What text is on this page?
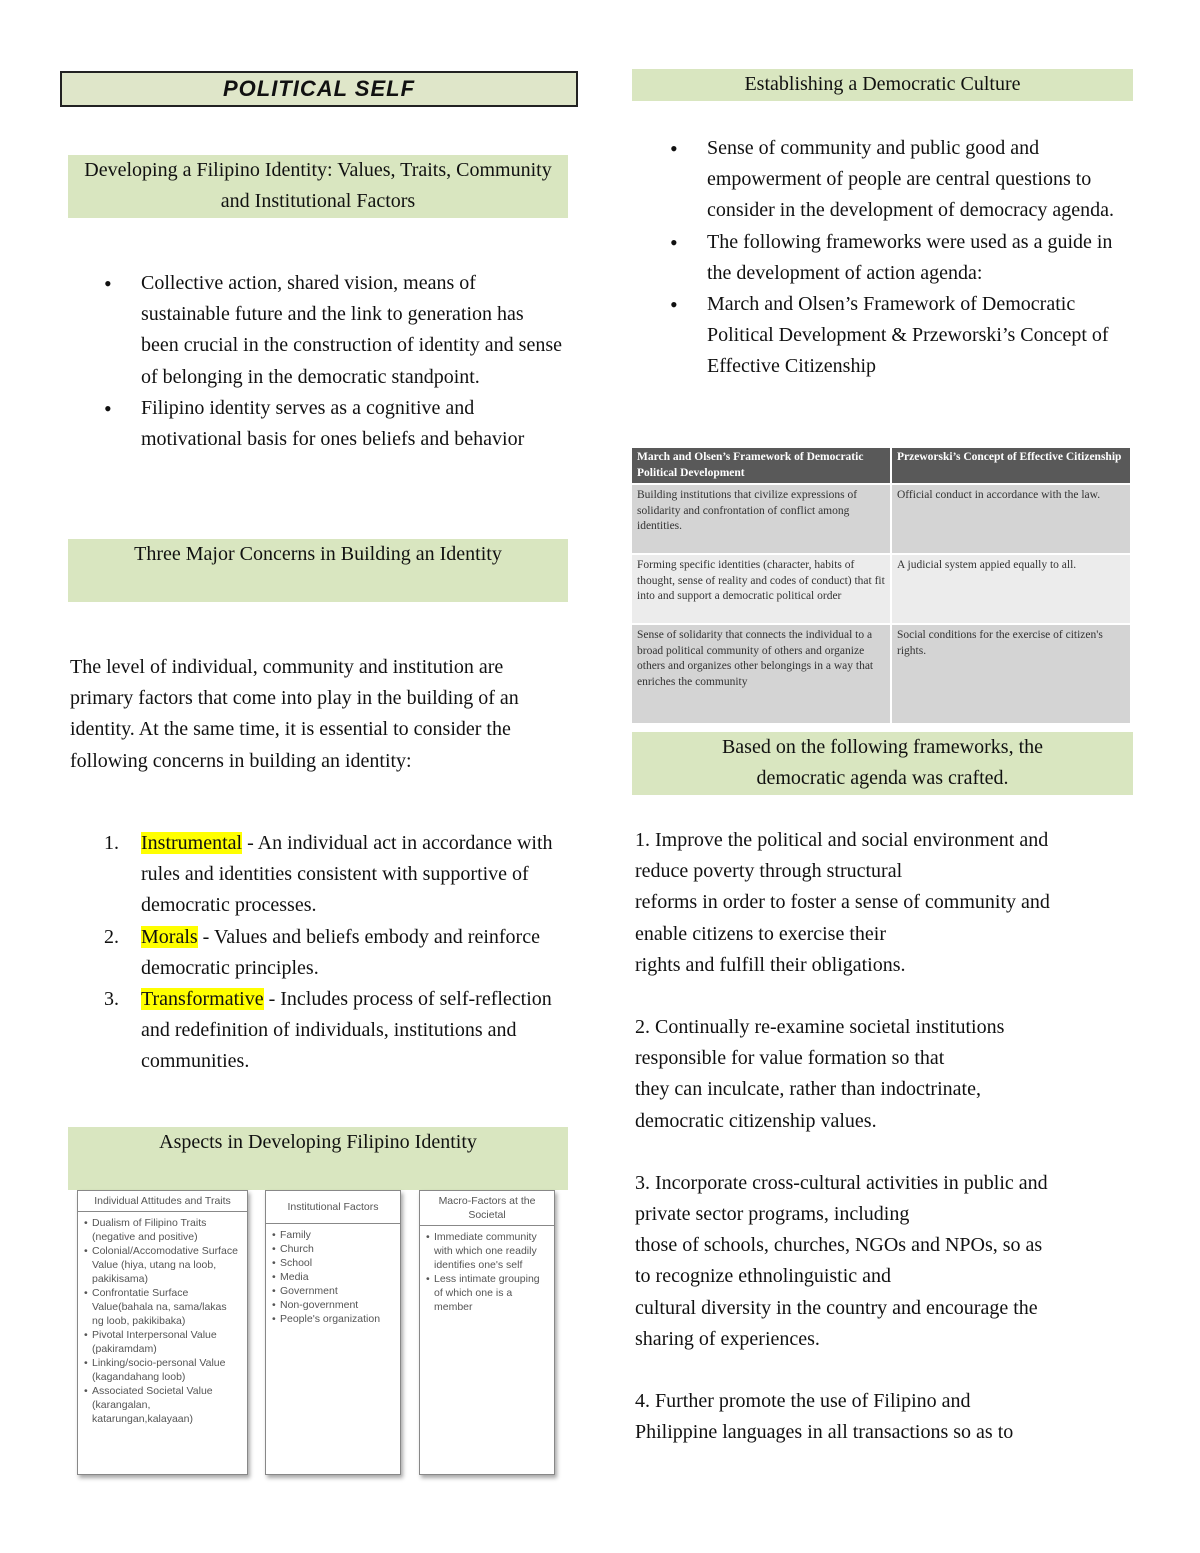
POLITICAL SELF
Developing a Filipino Identity: Values, Traits, Community and Institutional Factors
• Collective action, shared vision, means of sustainable future and the link to generation has been crucial in the construction of identity and sense of belonging in the democratic standpoint.
• Filipino identity serves as a cognitive and motivational basis for ones beliefs and behavior
Three Major Concerns in Building an Identity
The level of individual, community and institution are primary factors that come into play in the building of an identity. At the same time, it is essential to consider the following concerns in building an identity:
1. Instrumental - An individual act in accordance with rules and identities consistent with supportive of democratic processes.
2. Morals - Values and beliefs embody and reinforce democratic principles.
3. Transformative - Includes process of self-reflection and redefinition of individuals, institutions and communities.
Aspects in Developing Filipino Identity
Individual Attitudes and Traits
• Dualism of Filipino Traits (negative and positive)
• Colonial/Accomodative Surface Value (hiya, utang na loob, pakikisama)
• Confrontatie Surface Value(bahala na, sama/lakas ng loob, pakikibaka)
• Pivotal Interpersonal Value (pakiramdam)
• Linking/socio-personal Value (kagandahang loob)
• Associated Societal Value (karangalan, katarungan,kalayaan)
Institutional Factors
• Family
• Church
• School
• Media
• Government
• Non-government
• People's organization
Macro-Factors at the Societal
• Immediate community with which one readily identifies one's self
• Less intimate grouping of which one is a member
Establishing a Democratic Culture
• Sense of community and public good and empowerment of people are central questions to consider in the development of democracy agenda.
• The following frameworks were used as a guide in the development of action agenda:
• March and Olsen’s Framework of Democratic Political Development & Przeworski’s Concept of Effective Citizenship
March and Olsen’s Framework of Democratic Political Development	Przeworski’s Concept of Effective Citizenship
Building institutions that civilize expressions of solidarity and confrontation of conflict among identities.	Official conduct in accordance with the law.
Forming specific identities (character, habits of thought, sense of reality and codes of conduct) that fit into and support a democratic political order	A judicial system appied equally to all.
Sense of solidarity that connects the individual to a broad political community of others and organize others and organizes other belongings in a way that enriches the community	Social conditions for the exercise of citizen's rights.
Based on the following frameworks, the democratic agenda was crafted.
1. Improve the political and social environment and
reduce poverty through structural
reforms in order to foster a sense of community and
enable citizens to exercise their
rights and fulfill their obligations.
2. Continually re-examine societal institutions
responsible for value formation so that
they can inculcate, rather than indoctrinate,
democratic citizenship values.
3. Incorporate cross-cultural activities in public and
private sector programs, including
those of schools, churches, NGOs and NPOs, so as
to recognize ethnolinguistic and
cultural diversity in the country and encourage the
sharing of experiences.
4. Further promote the use of Filipino and
Philippine languages in all transactions so as to
